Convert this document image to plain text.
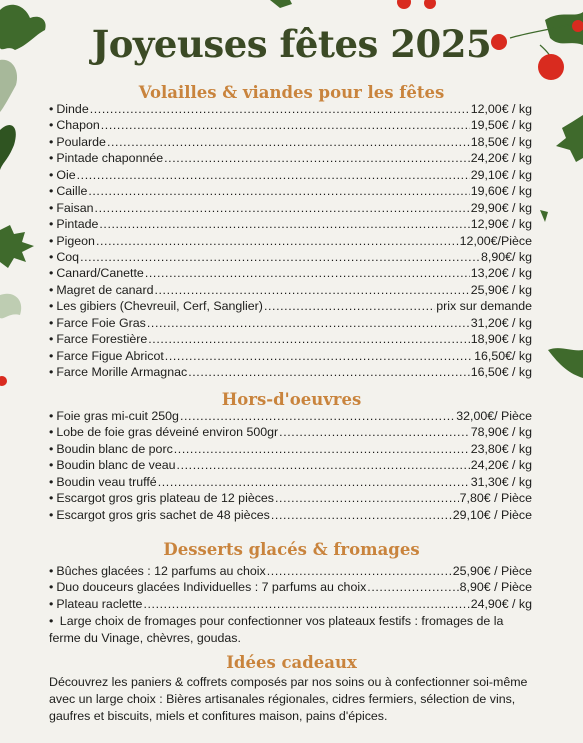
Joyeuses fêtes 2025
Volailles & viandes pour les fêtes
• Dinde .....	12,00€ / kg
• Chapon .....	19,50€ / kg
• Poularde .....	18,50€ / kg
• Pintade chaponnée .....	24,20€ / kg
• Oie .....	29,10€ / kg
• Caille .....	19,60€ / kg
• Faisan .....	29,90€ / kg
• Pintade .....	12,90€ / kg
• Pigeon .....	12,00€/Pièce
• Coq .....	8,90€/ kg
• Canard/Canette .....	13,20€ / kg
• Magret de canard .....	25,90€ / kg
• Les gibiers (Chevreuil, Cerf, Sanglier) .....	prix sur demande
• Farce Foie Gras .....	31,20€ / kg
• Farce Forestière .....	18,90€ / kg
• Farce Figue Abricot .....	16,50€/ kg
• Farce Morille Armagnac .....	16,50€ / kg
Hors-d'oeuvres
• Foie gras mi-cuit 250g .....	32,00€/ Pièce
• Lobe de foie gras déveiné environ 500gr .....	78,90€ / kg
• Boudin blanc de porc .....	23,80€ / kg
• Boudin blanc de veau .....	24,20€ / kg
• Boudin veau truffé .....	31,30€ / kg
• Escargot gros gris plateau de 12 pièces .....	7,80€ / Pièce
• Escargot gros gris sachet de 48 pièces .....	29,10€ / Pièce
Desserts glacés & fromages
• Bûches glacées : 12 parfums au choix .....	25,90€ / Pièce
• Duo douceurs glacées Individuelles : 7 parfums au choix .....	8,90€ / Pièce
• Plateau raclette .....	24,90€ / kg
• Large choix de fromages pour confectionner vos plateaux festifs : fromages de la ferme du Vinage, chèvres, goudas.
Idées cadeaux
Découvrez les paniers & coffrets composés par nos soins ou à confectionner soi-même avec un large choix : Bières artisanales régionales, cidres fermiers, sélection de vins, gaufres et biscuits, miels et confitures maison, pains d'épices.
